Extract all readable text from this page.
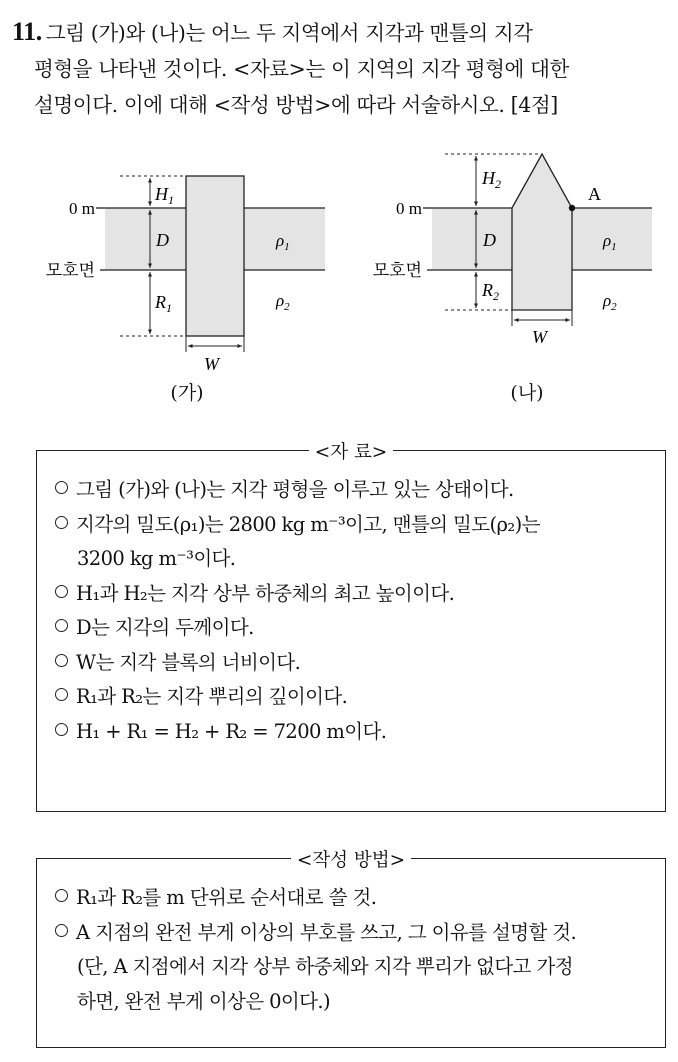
11. 그림 (가)와 (나)는 어느 두 지역에서 지각과 맨틀의 지각
평형을 나타낸 것이다. <자료>는 이 지역의 지각 평형에 대한
설명이다. 이에 대해 <작성 방법>에 따라 서술하시오. [4점]
0 m
모호면
$H_1$
D
$R_1$
W
$\rho_1$
$\rho_2$
0 m
모호면
$H_2$
D
$R_2$
W
A
$\rho_1$
$\rho_2$
(가)	(나)
<자 료>
그림 (가)와 (나)는 지각 평형을 이루고 있는 상태이다.
지각의 밀도(ρ₁)는 2800 kg m⁻³이고, 맨틀의 밀도(ρ₂)는
3200 kg m⁻³이다.
H₁과 H₂는 지각 상부 하중체의 최고 높이이다.
D는 지각의 두께이다.
W는 지각 블록의 너비이다.
R₁과 R₂는 지각 뿌리의 깊이이다.
H₁ + R₁ = H₂ + R₂ = 7200 m이다.
<작성 방법>
R₁과 R₂를 m 단위로 순서대로 쓸 것.
A 지점의 완전 부게 이상의 부호를 쓰고, 그 이유를 설명할 것.
(단, A 지점에서 지각 상부 하중체와 지각 뿌리가 없다고 가정
하면, 완전 부게 이상은 0이다.)
